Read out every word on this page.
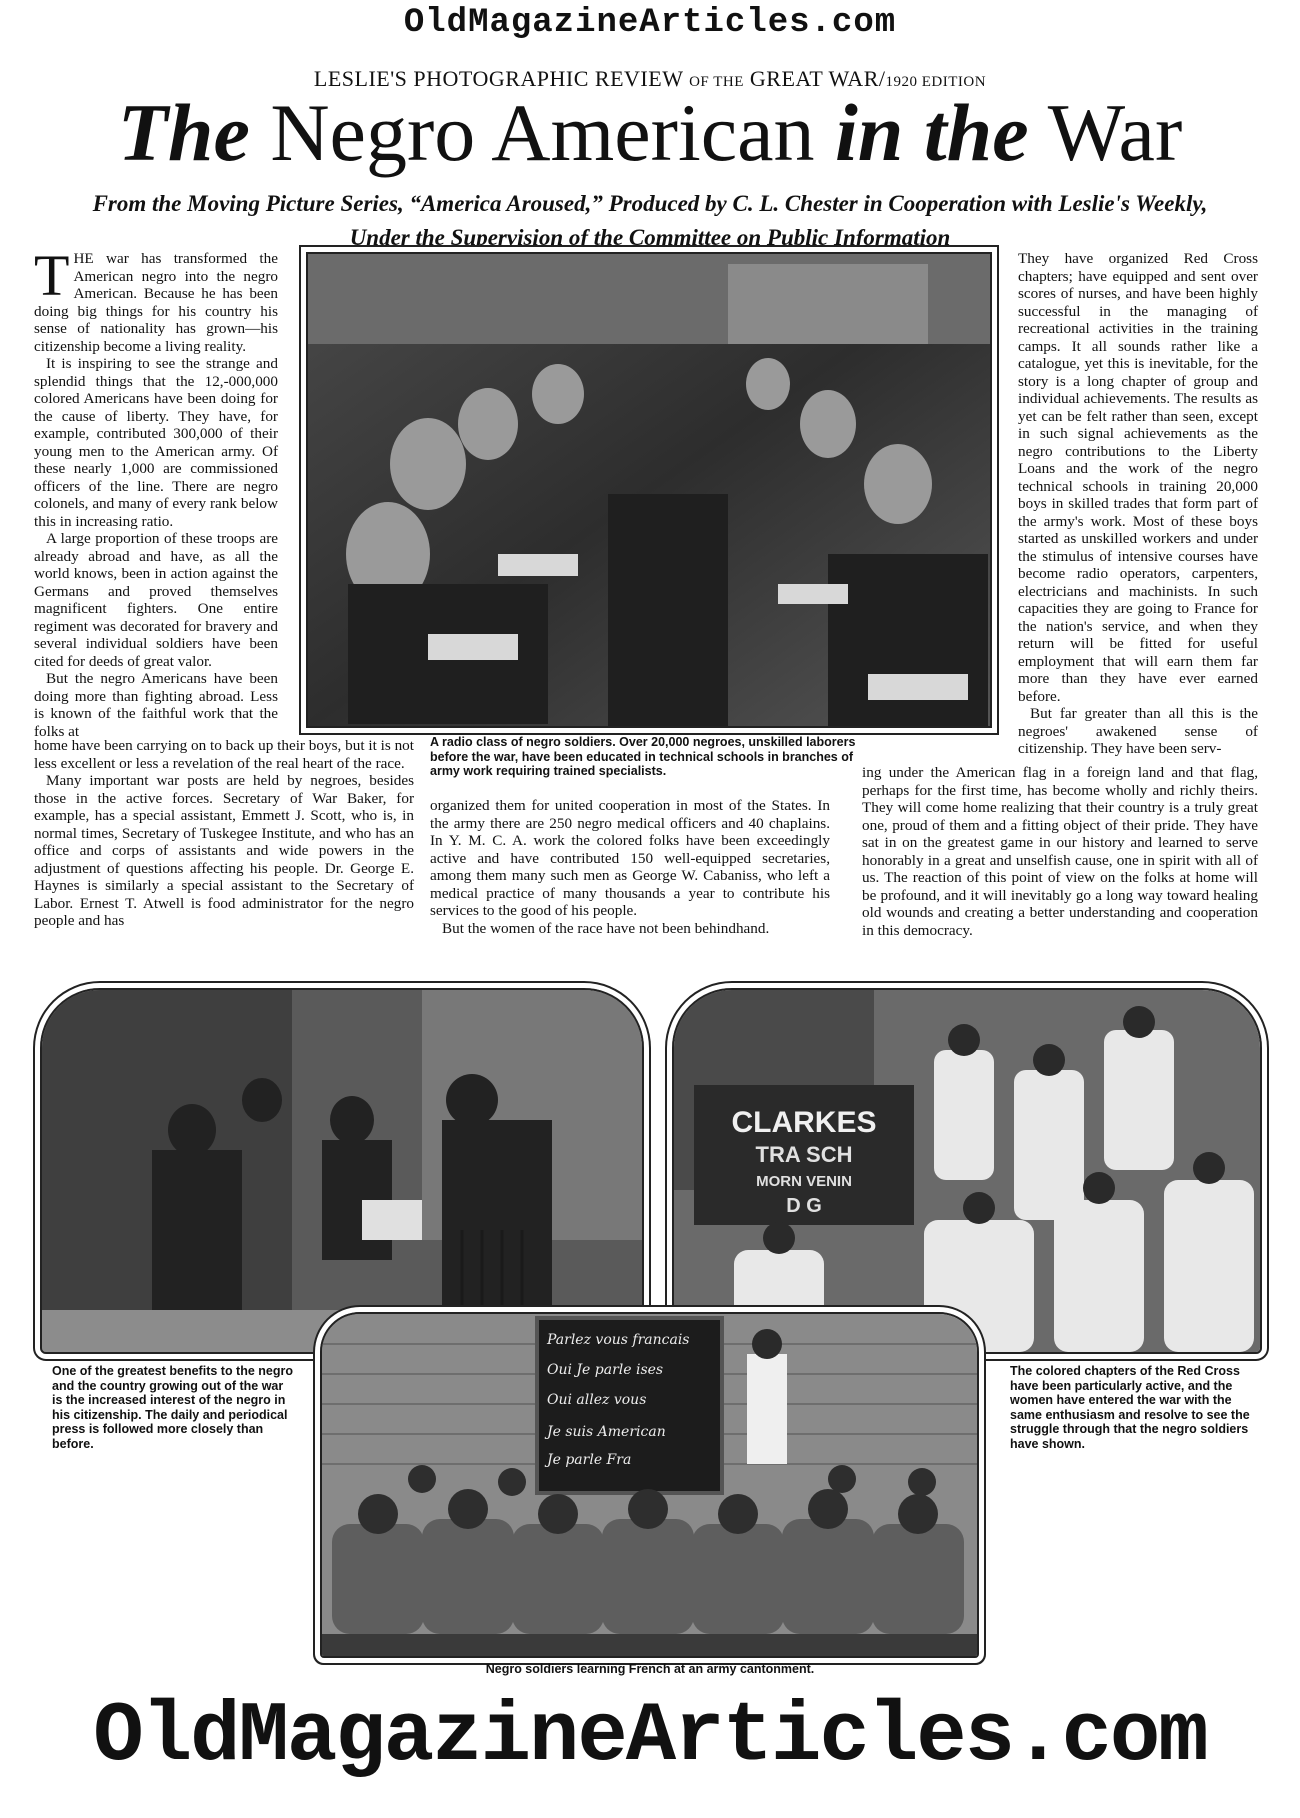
OldMagazineArticles.com
LESLIE'S PHOTOGRAPHIC REVIEW OF THE GREAT WAR/1920 EDITION
The Negro American in the War
From the Moving Picture Series, “America Aroused,” Produced by C. L. Chester in Cooperation with Leslie's Weekly,
Under the Supervision of the Committee on Public Information

THE war has transformed the American negro into the negro American. Because he has been doing big things for his country his sense of nationality has grown—his citizenship become a living reality.

It is inspiring to see the strange and splendid things that the 12,-000,000 colored Americans have been doing for the cause of liberty. They have, for example, contributed 300,000 of their young men to the American army. Of these nearly 1,000 are commissioned officers of the line. There are negro colonels, and many of every rank below this in increasing ratio.

A large proportion of these troops are already abroad and have, as all the world knows, been in action against the Germans and proved themselves magnificent fighters. One entire regiment was decorated for bravery and several individual soldiers have been cited for deeds of great valor.

But the negro Americans have been doing more than fighting abroad. Less is known of the faithful work that the folks at

A radio class of negro soldiers. Over 20,000 negroes, unskilled laborers before the war, have been educated in technical schools in branches of army work requiring trained specialists.

home have been carrying on to back up their boys, but it is not less excellent or less a revelation of the real heart of the race.

Many important war posts are held by negroes, besides those in the active forces. Secretary of War Baker, for example, has a special assistant, Emmett J. Scott, who is, in normal times, Secretary of Tuskegee Institute, and who has an office and corps of assistants and wide powers in the adjustment of questions affecting his people. Dr. George E. Haynes is similarly a special assistant to the Secretary of Labor. Ernest T. Atwell is food administrator for the negro people and has

organized them for united cooperation in most of the States. In the army there are 250 negro medical officers and 40 chaplains. In Y. M. C. A. work the colored folks have been exceedingly active and have contributed 150 well-equipped secretaries, among them many such men as George W. Cabaniss, who left a medical practice of many thousands a year to contribute his services to the good of his people.

But the women of the race have not been behindhand.

They have organized Red Cross chapters; have equipped and sent over scores of nurses, and have been highly successful in the managing of recreational activities in the training camps. It all sounds rather like a catalogue, yet this is inevitable, for the story is a long chapter of group and individual achievements. The results as yet can be felt rather than seen, except in such signal achievements as the negro contributions to the Liberty Loans and the work of the negro technical schools in training 20,000 boys in skilled trades that form part of the army's work. Most of these boys started as unskilled workers and under the stimulus of intensive courses have become radio operators, carpenters, electricians and machinists. In such capacities they are going to France for the nation's service, and when they return will be fitted for useful employment that will earn them far more than they have ever earned before.

But far greater than all this is the negroes' awakened sense of citizenship. They have been serv-

ing under the American flag in a foreign land and that flag, perhaps for the first time, has become wholly and richly theirs. They will come home realizing that their country is a truly great one, proud of them and a fitting object of their pride. They have sat in on the greatest game in our history and learned to serve honorably in a great and unselfish cause, one in spirit with all of us. The reaction of this point of view on the folks at home will be profound, and it will inevitably go a long way toward healing old wounds and creating a better understanding and cooperation in this democracy.

CLARKES
TRA SCH
MORN VENIN
D G
One of the greatest benefits to the negro and the country growing out of the war is the increased interest of the negro in his citizenship. The daily and periodical press is followed more closely than before.
The colored chapters of the Red Cross have been particularly active, and the women have entered the war with the same enthusiasm and resolve to see the struggle through that the negro soldiers have shown.
Parlez vous francais
Oui Je parle ises
Oui allez vous
Je suis American
Je parle Fra
Negro soldiers learning French at an army cantonment.
OldMagazineArticles.com
